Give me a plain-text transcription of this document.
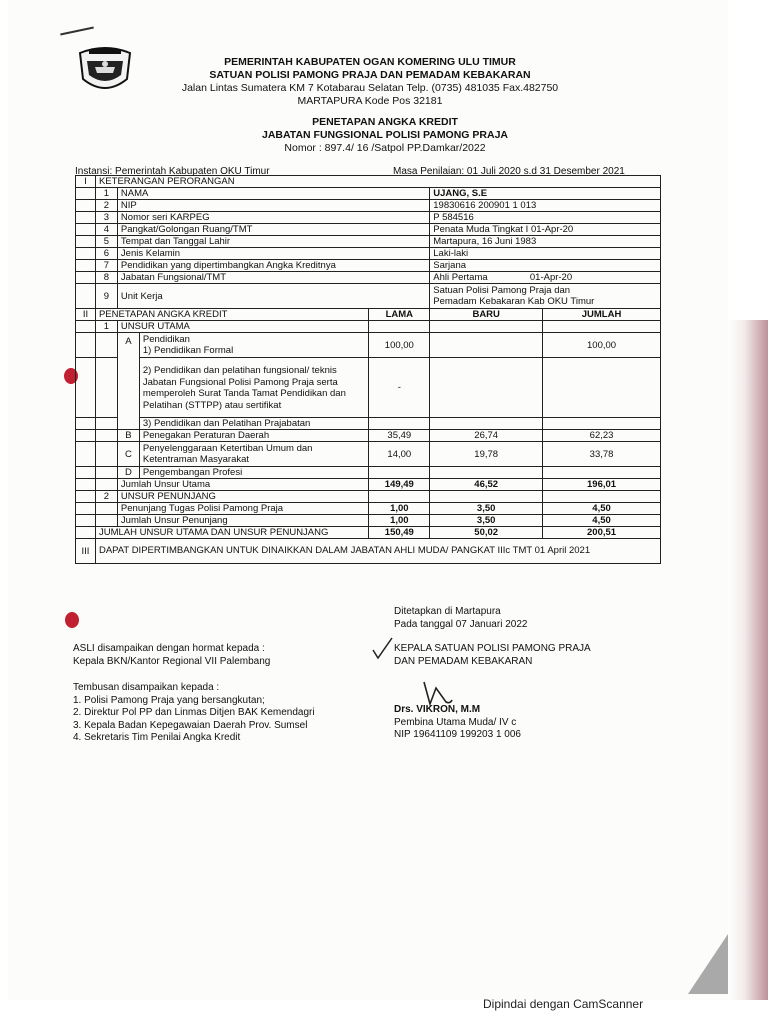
PEMERINTAH KABUPATEN OGAN KOMERING ULU TIMUR
SATUAN POLISI PAMONG PRAJA DAN PEMADAM KEBAKARAN
Jalan Lintas Sumatera KM 7 Kotabarau Selatan Telp. (0735) 481035 Fax.482750
MARTAPURA Kode Pos 32181
PENETAPAN ANGKA KREDIT
JABATAN FUNGSIONAL POLISI PAMONG PRAJA
Nomor : 897.4/ 16 /Satpol PP.Damkar/2022
Instansi: Pemerintah Kabupaten OKU Timur	Masa Penilaian: 01 Juli 2020 s.d 31 Desember 2021
I	KETERANGAN PERORANGAN					
	1	NAMA			UJANG, S.E	
	2	NIP			19830616 200901 1 013	
	3	Nomor seri KARPEG			P 584516	
	4	Pangkat/Golongan Ruang/TMT			Penata Muda Tingkat I 01-Apr-20	
	5	Tempat dan Tanggal Lahir			Martapura, 16 Juni 1983	
	6	Jenis Kelamin			Laki-laki	
	7	Pendidikan yang dipertimbangkan Angka Kreditnya			Sarjana	
	8	Jabatan Fungsional/TMT			Ahli Pertama                01-Apr-20	
	9	Unit Kerja			Satuan Polisi Pamong Praja dan
Pemadam Kebakaran Kab OKU Timur	

II	PENETAPAN ANGKA KREDIT			LAMA	BARU	JUMLAH
	1	UNSUR UTAMA				
		A	Pendidikan
1) Pendidikan Formal	100,00		100,00
			2) Pendidikan dan pelatihan fungsional/ teknis Jabatan Fungsional Polisi Pamong Praja serta memperoleh Surat Tanda Tamat Pendidikan dan Pelatihan (STTPP) atau sertifikat	-		
			3) Pendidikan dan Pelatihan Prajabatan			
		B	Penegakan Peraturan Daerah	35,49	26,74	62,23
		C	Penyelenggaraan Ketertiban Umum dan Ketentraman Masyarakat	14,00	19,78	33,78
		D	Pengembangan Profesi			
		Jumlah Unsur Utama		149,49	46,52	196,01
	2	UNSUR PENUNJANG				
		Penunjang Tugas Polisi Pamong Praja		1,00	3,50	4,50
		Jumlah Unsur Penunjang		1,00	3,50	4,50
	JUMLAH UNSUR UTAMA DAN UNSUR PENUNJANG			150,49	50,02	200,51
III	DAPAT DIPERTIMBANGKAN UNTUK DINAIKKAN DALAM JABATAN AHLI MUDA/ PANGKAT IIIc TMT 01 April 2021					
Ditetapkan di Martapura
Pada tanggal 07 Januari 2022
KEPALA SATUAN POLISI PAMONG PRAJA
DAN PEMADAM KEBAKARAN
Drs. VIKRON, M.M
Pembina Utama Muda/ IV c
NIP 19641109 199203 1 006
ASLI disampaikan dengan hormat kepada :
Kepala BKN/Kantor Regional VII Palembang
Tembusan disampaikan kepada :
1. Polisi Pamong Praja yang bersangkutan;
2. Direktur Pol PP dan Linmas Ditjen BAK Kemendagri
3. Kepala Badan Kepegawaian Daerah Prov. Sumsel
4. Sekretaris Tim Penilai Angka Kredit
Dipindai dengan CamScanner
